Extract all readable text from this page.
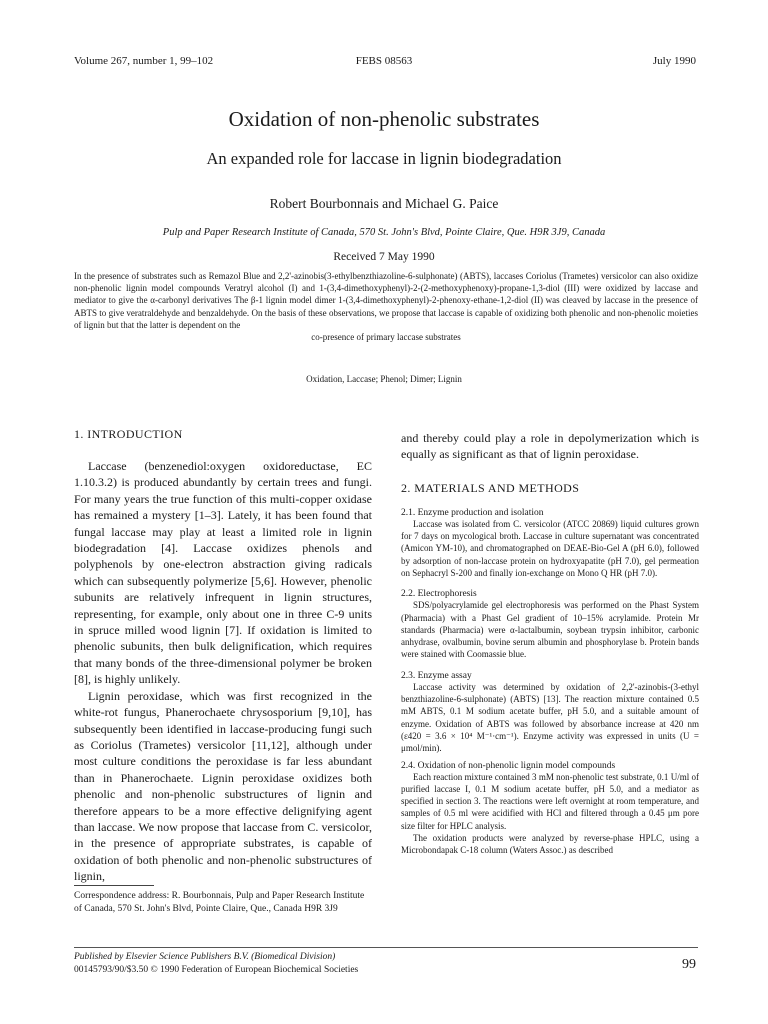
Volume 267, number 1, 99–102	FEBS 08563	July 1990
Oxidation of non-phenolic substrates
An expanded role for laccase in lignin biodegradation
Robert Bourbonnais and Michael G. Paice
Pulp and Paper Research Institute of Canada, 570 St. John's Blvd, Pointe Claire, Que. H9R 3J9, Canada
Received 7 May 1990

In the presence of substrates such as Remazol Blue and 2,2'-azinobis(3-ethylbenzthiazoline-6-sulphonate) (ABTS), laccases Coriolus (Trametes) versicolor can also oxidize non-phenolic lignin model compounds Veratryl alcohol (I) and 1-(3,4-dimethoxyphenyl)-2-(2-methoxyphenoxy)-propane-1,3-diol (III) were oxidized by laccase and mediator to give the α-carbonyl derivatives The β-1 lignin model dimer 1-(3,4-dimethoxyphenyl)-2-phenoxy-ethane-1,2-diol (II) was cleaved by laccase in the presence of ABTS to give veratraldehyde and benzaldehyde. On the basis of these observations, we propose that laccase is capable of oxidizing both phenolic and non-phenolic moieties of lignin but that the latter is dependent on the

co-presence of primary laccase substrates

Oxidation, Laccase; Phenol; Dimer; Lignin

1. INTRODUCTION

Laccase (benzenediol:oxygen oxidoreductase, EC 1.10.3.2) is produced abundantly by certain trees and fungi. For many years the true function of this multi-copper oxidase has remained a mystery [1–3]. Lately, it has been found that fungal laccase may play at least a limited role in lignin biodegradation [4]. Laccase oxidizes phenols and polyphenols by one-electron abstraction giving radicals which can subsequently polymerize [5,6]. However, phenolic subunits are relatively infrequent in lignin structures, representing, for example, only about one in three C-9 units in spruce milled wood lignin [7]. If oxidation is limited to phenolic subunits, then bulk delignification, which requires that many bonds of the three-dimensional polymer be broken [8], is highly unlikely.

Lignin peroxidase, which was first recognized in the white-rot fungus, Phanerochaete chrysosporium [9,10], has subsequently been identified in laccase-producing fungi such as Coriolus (Trametes) versicolor [11,12], although under most culture conditions the peroxidase is far less abundant than in Phanerochaete. Lignin peroxidase oxidizes both phenolic and non-phenolic substructures of lignin and therefore appears to be a more effective delignifying agent than laccase. We now propose that laccase from C. versicolor, in the presence of appropriate substrates, is capable of oxidation of both phenolic and non-phenolic substructures of lignin,

Correspondence address: R. Bourbonnais, Pulp and Paper Research Institute of Canada, 570 St. John's Blvd, Pointe Claire, Que., Canada H9R 3J9

and thereby could play a role in depolymerization which is equally as significant as that of lignin peroxidase.

2. MATERIALS AND METHODS

2.1. Enzyme production and isolation

Laccase was isolated from C. versicolor (ATCC 20869) liquid cultures grown for 7 days on mycological broth. Laccase in culture supernatant was concentrated (Amicon YM-10), and chromatographed on DEAE-Bio-Gel A (pH 6.0), followed by adsorption of non-laccase protein on hydroxyapatite (pH 7.0), gel permeation on Sephacryl S-200 and finally ion-exchange on Mono Q HR (pH 7.0).

2.2. Electrophoresis

SDS/polyacrylamide gel electrophoresis was performed on the Phast System (Pharmacia) with a Phast Gel gradient of 10–15% acrylamide. Protein Mr standards (Pharmacia) were α-lactalbumin, soybean trypsin inhibitor, carbonic anhydrase, ovalbumin, bovine serum albumin and phosphorylase b. Protein bands were stained with Coomassie blue.

2.3. Enzyme assay

Laccase activity was determined by oxidation of 2,2'-azinobis-(3-ethyl benzthiazoline-6-sulphonate) (ABTS) [13]. The reaction mixture contained 0.5 mM ABTS, 0.1 M sodium acetate buffer, pH 5.0, and a suitable amount of enzyme. Oxidation of ABTS was followed by absorbance increase at 420 nm (ε420 = 3.6 × 10⁴ M⁻¹·cm⁻¹). Enzyme activity was expressed in units (U = μmol/min).

2.4. Oxidation of non-phenolic lignin model compounds

Each reaction mixture contained 3 mM non-phenolic test substrate, 0.1 U/ml of purified laccase I, 0.1 M sodium acetate buffer, pH 5.0, and a mediator as specified in section 3. The reactions were left overnight at room temperature, and samples of 0.5 ml were acidified with HCl and filtered through a 0.45 μm pore size filter for HPLC analysis.

The oxidation products were analyzed by reverse-phase HPLC, using a Microbondapak C-18 column (Waters Assoc.) as described

Published by Elsevier Science Publishers B.V. (Biomedical Division)
00145793/90/$3.50 © 1990 Federation of European Biochemical Societies	99
